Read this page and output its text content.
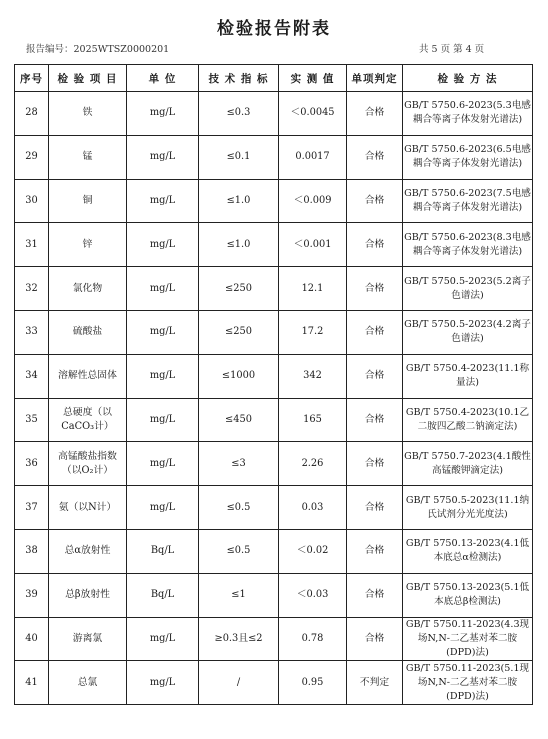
检验报告附表
报告编号：2025WTSZ0000201	共 5 页 第 4 页
序号	检 验 项 目	单 位	技 术 指 标	实 测 值	单项判定	检 验 方 法
28	铁	mg/L	≤0.3	＜0.0045	合格	GB/T 5750.6-2023(5.3电感耦合等离子体发射光谱法)
29	锰	mg/L	≤0.1	0.0017	合格	GB/T 5750.6-2023(6.5电感耦合等离子体发射光谱法)
30	铜	mg/L	≤1.0	＜0.009	合格	GB/T 5750.6-2023(7.5电感耦合等离子体发射光谱法)
31	锌	mg/L	≤1.0	＜0.001	合格	GB/T 5750.6-2023(8.3电感耦合等离子体发射光谱法)
32	氯化物	mg/L	≤250	12.1	合格	GB/T 5750.5-2023(5.2离子色谱法)
33	硫酸盐	mg/L	≤250	17.2	合格	GB/T 5750.5-2023(4.2离子色谱法)
34	溶解性总固体	mg/L	≤1000	342	合格	GB/T 5750.4-2023(11.1称量法)
35	总硬度（以CaCO₃计）	mg/L	≤450	165	合格	GB/T 5750.4-2023(10.1乙二胺四乙酸二钠滴定法)
36	高锰酸盐指数（以O₂计）	mg/L	≤3	2.26	合格	GB/T 5750.7-2023(4.1酸性高锰酸钾滴定法)
37	氨（以N计）	mg/L	≤0.5	0.03	合格	GB/T 5750.5-2023(11.1纳氏试剂分光光度法)
38	总α放射性	Bq/L	≤0.5	＜0.02	合格	GB/T 5750.13-2023(4.1低本底总α检测法)
39	总β放射性	Bq/L	≤1	＜0.03	合格	GB/T 5750.13-2023(5.1低本底总β检测法)
40	游离氯	mg/L	≥0.3且≤2	0.78	合格	GB/T 5750.11-2023(4.3现场N,N-二乙基对苯二胺(DPD)法)
41	总氯	mg/L	/	0.95	不判定	GB/T 5750.11-2023(5.1现场N,N-二乙基对苯二胺(DPD)法)
